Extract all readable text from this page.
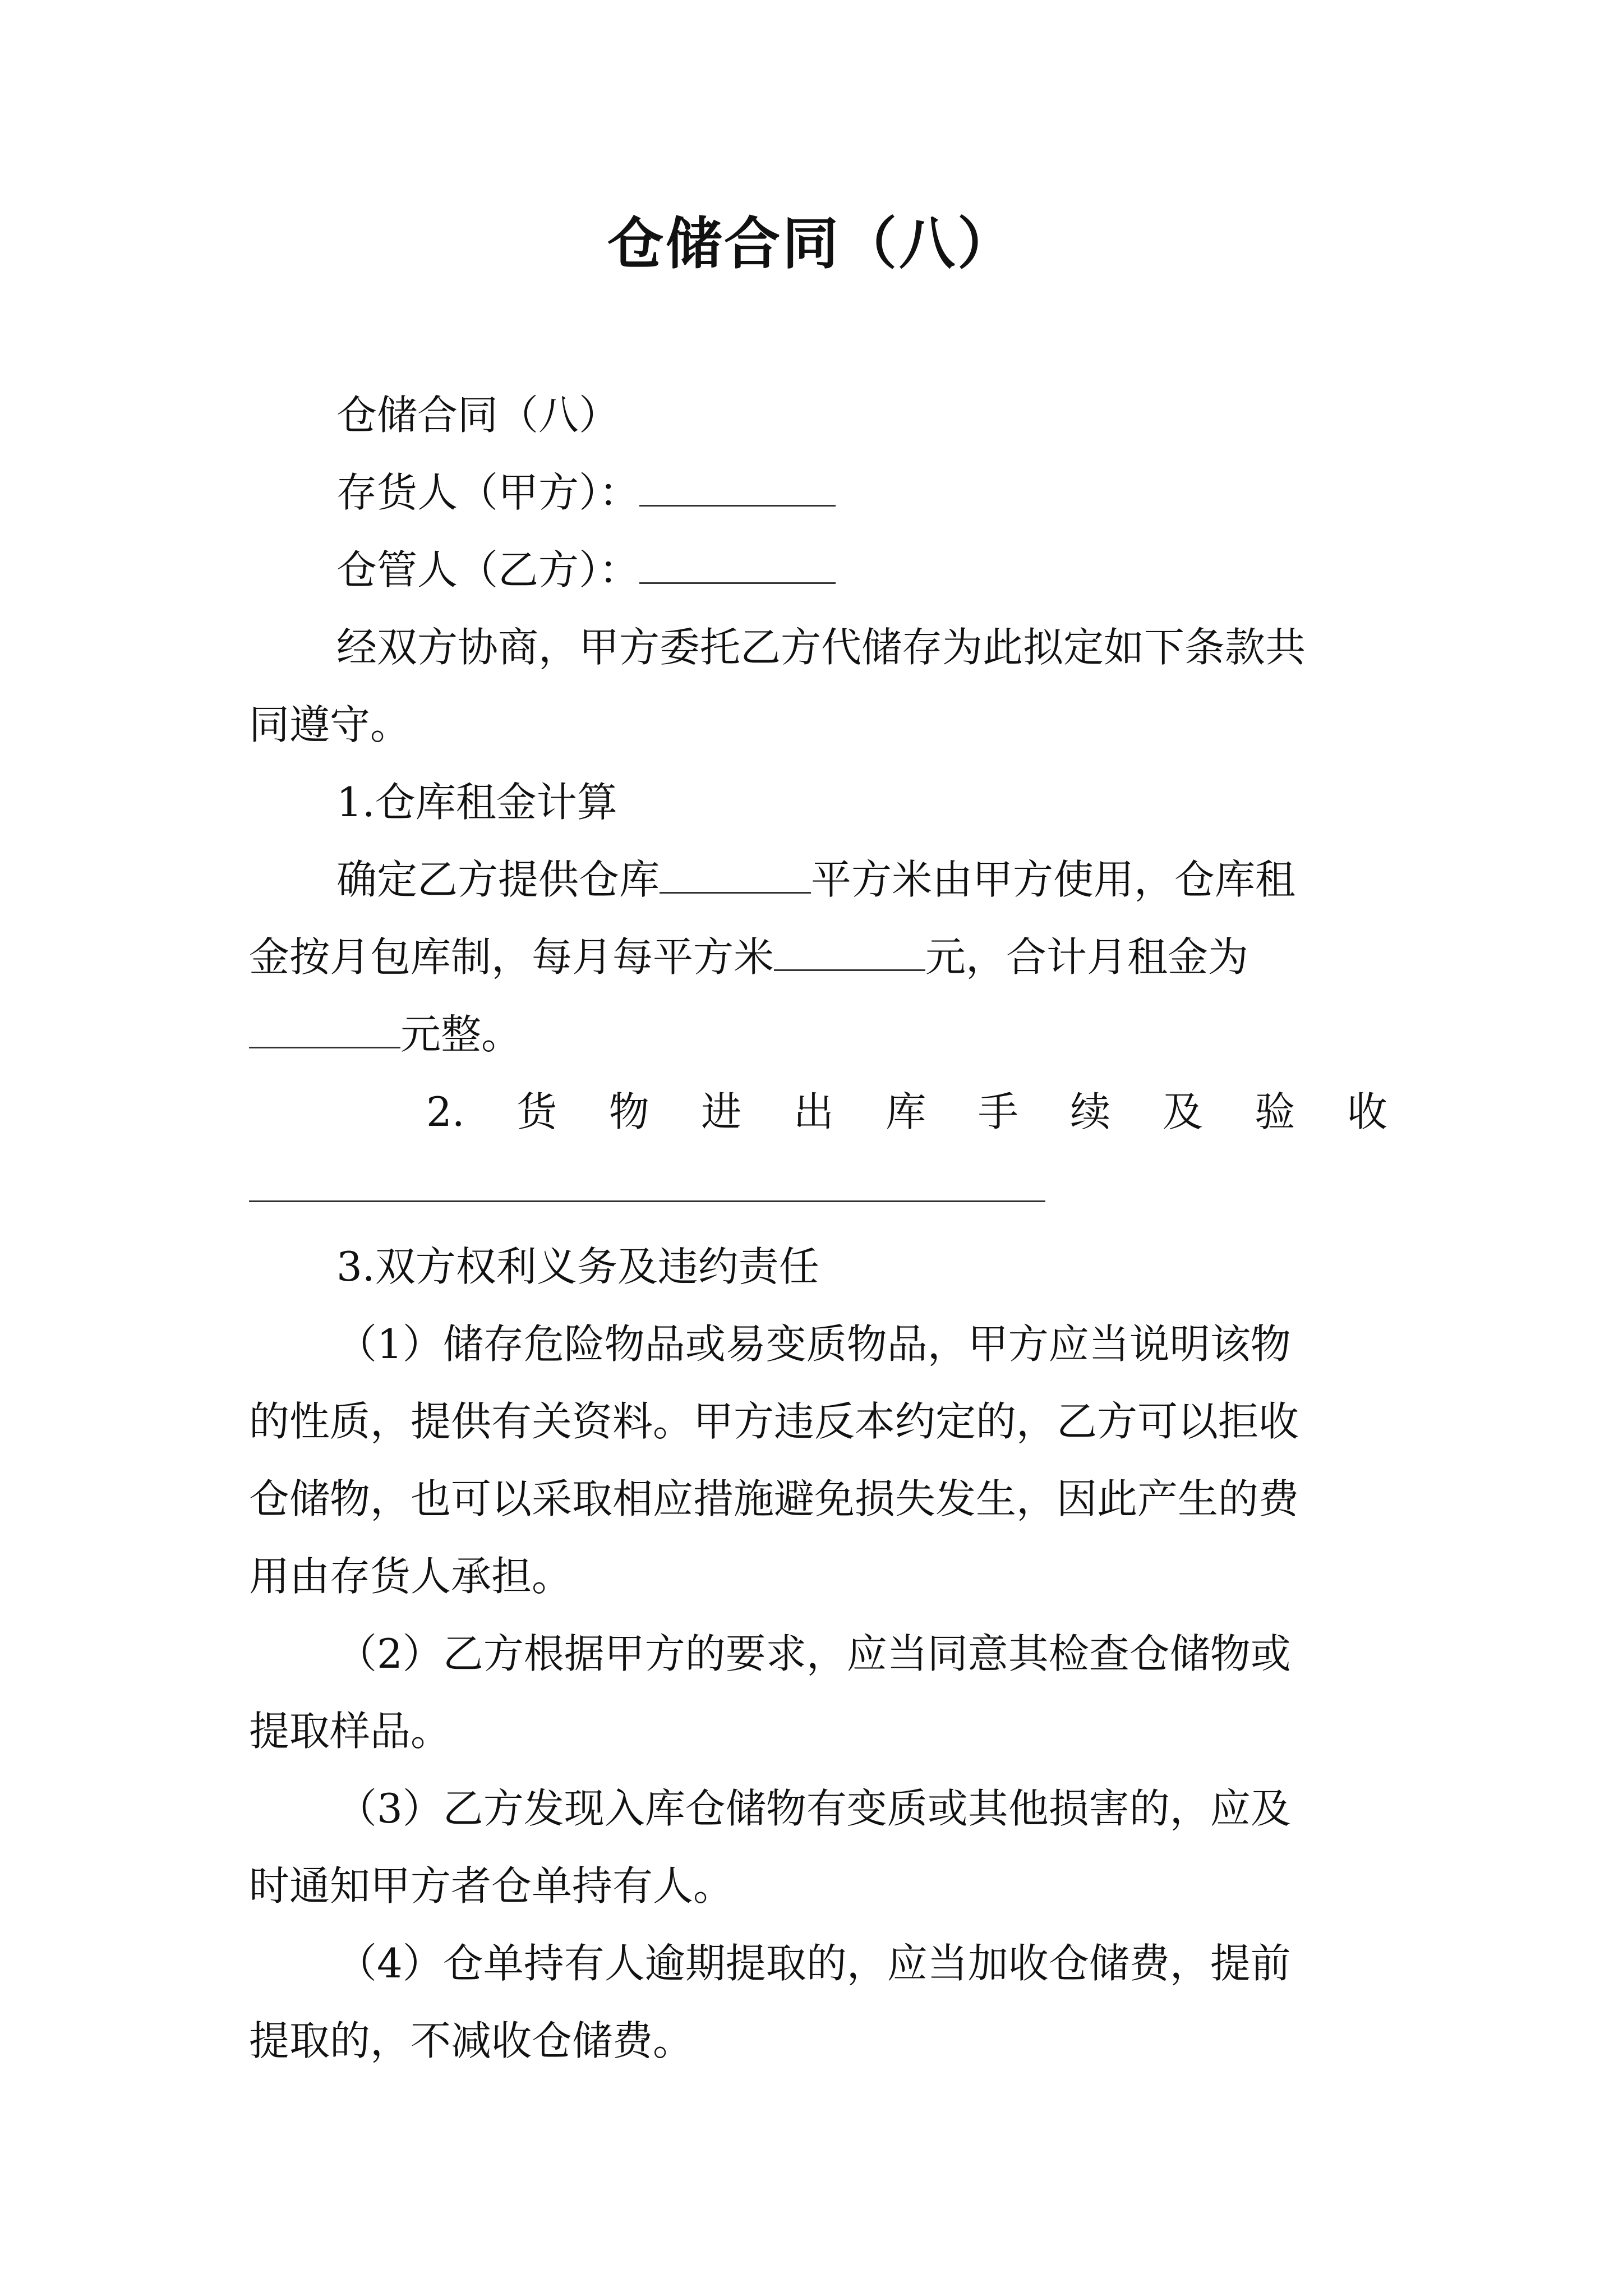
仓储合同（八）
仓储合同（八）
存货人（甲方）：
仓管人（乙方）：
经双方协商，甲方委托乙方代储存为此拟定如下条款共
同遵守。
1.仓库租金计算
确定乙方提供仓库	平方米由甲方使用，仓库租
金按月包库制，每月每平方米	元，合计月租金为
元整。
2. 货 物 进 出 库 手 续 及 验 收
3.双方权利义务及违约责任
（1）储存危险物品或易变质物品，甲方应当说明该物
的性质，提供有关资料。甲方违反本约定的，乙方可以拒收
仓储物，也可以采取相应措施避免损失发生，因此产生的费
用由存货人承担。
（2）乙方根据甲方的要求，应当同意其检查仓储物或
提取样品。
（3）乙方发现入库仓储物有变质或其他损害的，应及
时通知甲方者仓单持有人。
（4）仓单持有人逾期提取的，应当加收仓储费，提前
提取的，不减收仓储费。
